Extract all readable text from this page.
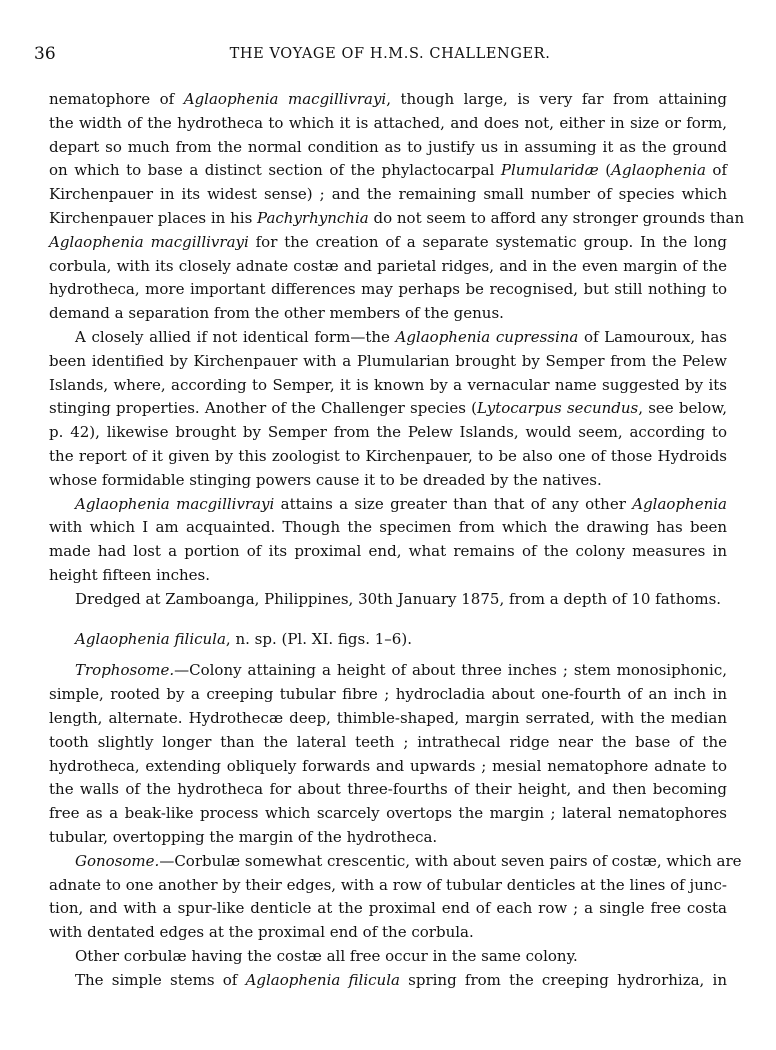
36	THE VOYAGE OF H.M.S. CHALLENGER.
nematophore of Aglaophenia macgillivrayi, though large, is very far from attaining
the width of the hydrotheca to which it is attached, and does not, either in size or form,
depart so much from the normal condition as to justify us in assuming it as the ground
on which to base a distinct section of the phylactocarpal Plumularidæ (Aglaophenia of
Kirchenpauer in its widest sense) ; and the remaining small number of species which
Kirchenpauer places in his Pachyrhynchia do not seem to afford any stronger grounds than
Aglaophenia macgillivrayi for the creation of a separate systematic group. In the long
corbula, with its closely adnate costæ and parietal ridges, and in the even margin of the
hydrotheca, more important differences may perhaps be recognised, but still nothing to
demand a separation from the other members of the genus.
A closely allied if not identical form—the Aglaophenia cupressina of Lamouroux, has
been identified by Kirchenpauer with a Plumularian brought by Semper from the Pelew
Islands, where, according to Semper, it is known by a vernacular name suggested by its
stinging properties. Another of the Challenger species (Lytocarpus secundus, see below,
p. 42), likewise brought by Semper from the Pelew Islands, would seem, according to
the report of it given by this zoologist to Kirchenpauer, to be also one of those Hydroids
whose formidable stinging powers cause it to be dreaded by the natives.
Aglaophenia macgillivrayi attains a size greater than that of any other Aglaophenia
with which I am acquainted. Though the specimen from which the drawing has been
made had lost a portion of its proximal end, what remains of the colony measures in
height fifteen inches.
Dredged at Zamboanga, Philippines, 30th January 1875, from a depth of 10 fathoms.
Aglaophenia filicula, n. sp. (Pl. XI. figs. 1–6).
Trophosome.—Colony attaining a height of about three inches ; stem monosiphonic,
simple, rooted by a creeping tubular fibre ; hydrocladia about one-fourth of an inch in
length, alternate. Hydrothecæ deep, thimble-shaped, margin serrated, with the median
tooth slightly longer than the lateral teeth ; intrathecal ridge near the base of the
hydrotheca, extending obliquely forwards and upwards ; mesial nematophore adnate to
the walls of the hydrotheca for about three-fourths of their height, and then becoming
free as a beak-like process which scarcely overtops the margin ; lateral nematophores
tubular, overtopping the margin of the hydrotheca.
Gonosome.—Corbulæ somewhat crescentic, with about seven pairs of costæ, which are
adnate to one another by their edges, with a row of tubular denticles at the lines of junc-
tion, and with a spur-like denticle at the proximal end of each row ; a single free costa
with dentated edges at the proximal end of the corbula.
Other corbulæ having the costæ all free occur in the same colony.
The simple stems of Aglaophenia filicula spring from the creeping hydrorhiza, in
